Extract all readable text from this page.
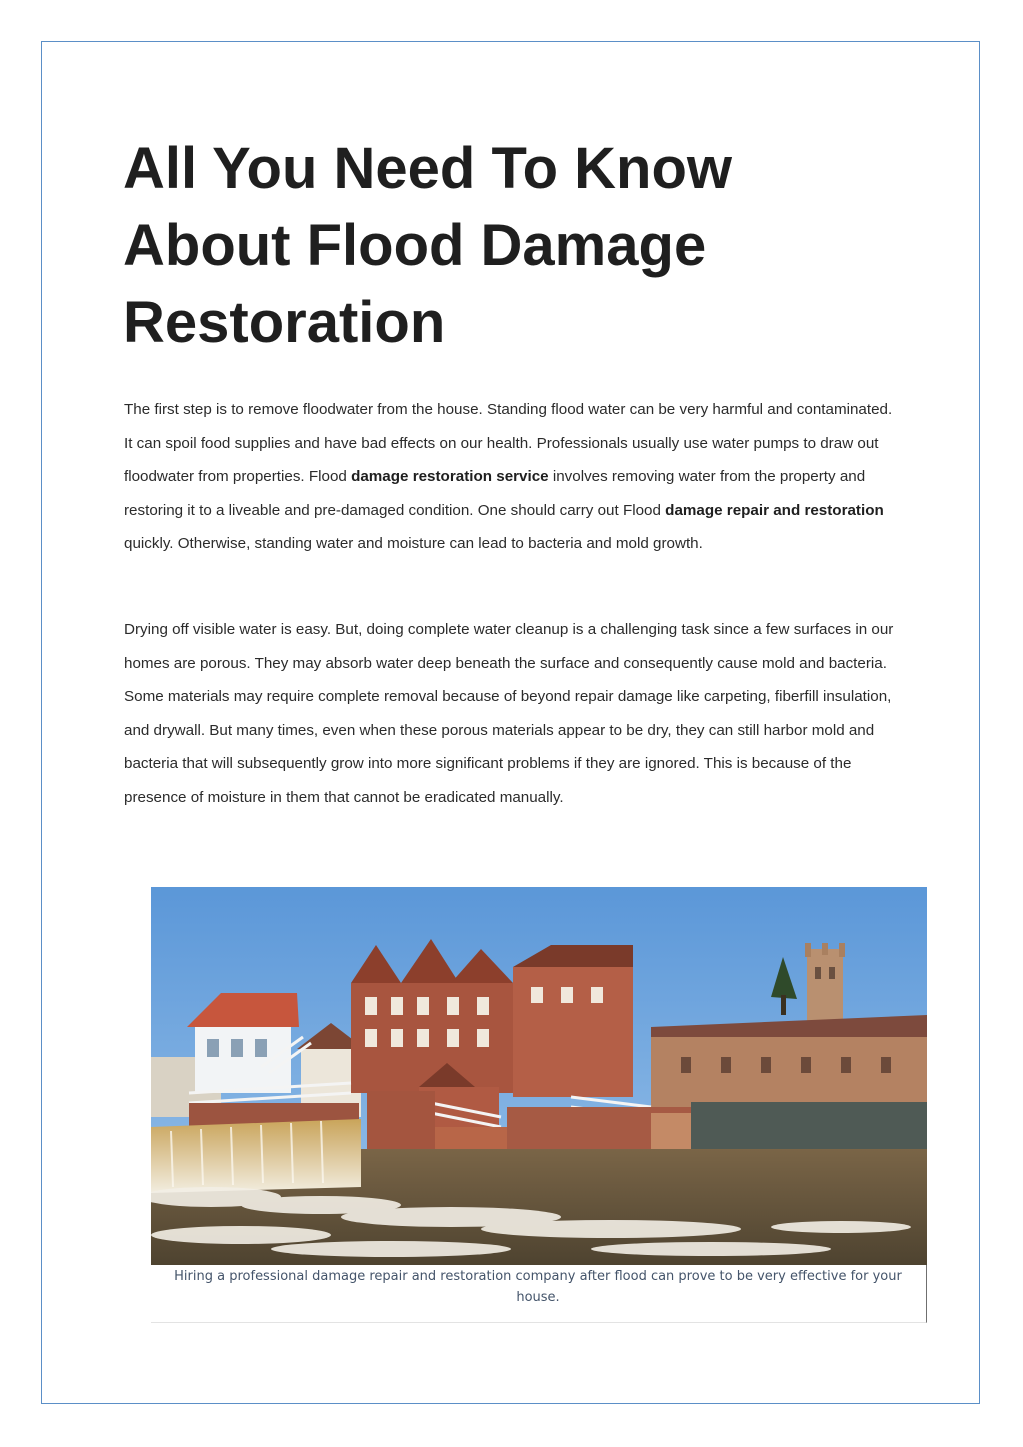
All You Need To Know About Flood Damage Restoration

The first step is to remove floodwater from the house. Standing flood water can be very harmful and contaminated. It can spoil food supplies and have bad effects on our health. Professionals usually use water pumps to draw out floodwater from properties. Flood damage restoration service involves removing water from the property and restoring it to a liveable and pre-damaged condition. One should carry out Flood damage repair and restoration quickly. Otherwise, standing water and moisture can lead to bacteria and mold growth.

Drying off visible water is easy. But, doing complete water cleanup is a challenging task since a few surfaces in our homes are porous. They may absorb water deep beneath the surface and consequently cause mold and bacteria. Some materials may require complete removal because of beyond repair damage like carpeting, fiberfill insulation, and drywall. But many times, even when these porous materials appear to be dry, they can still harbor mold and bacteria that will subsequently grow into more significant problems if they are ignored. This is because of the presence of moisture in them that cannot be eradicated manually.

Hiring a professional damage repair and restoration company after flood can prove to be very effective for your house.
